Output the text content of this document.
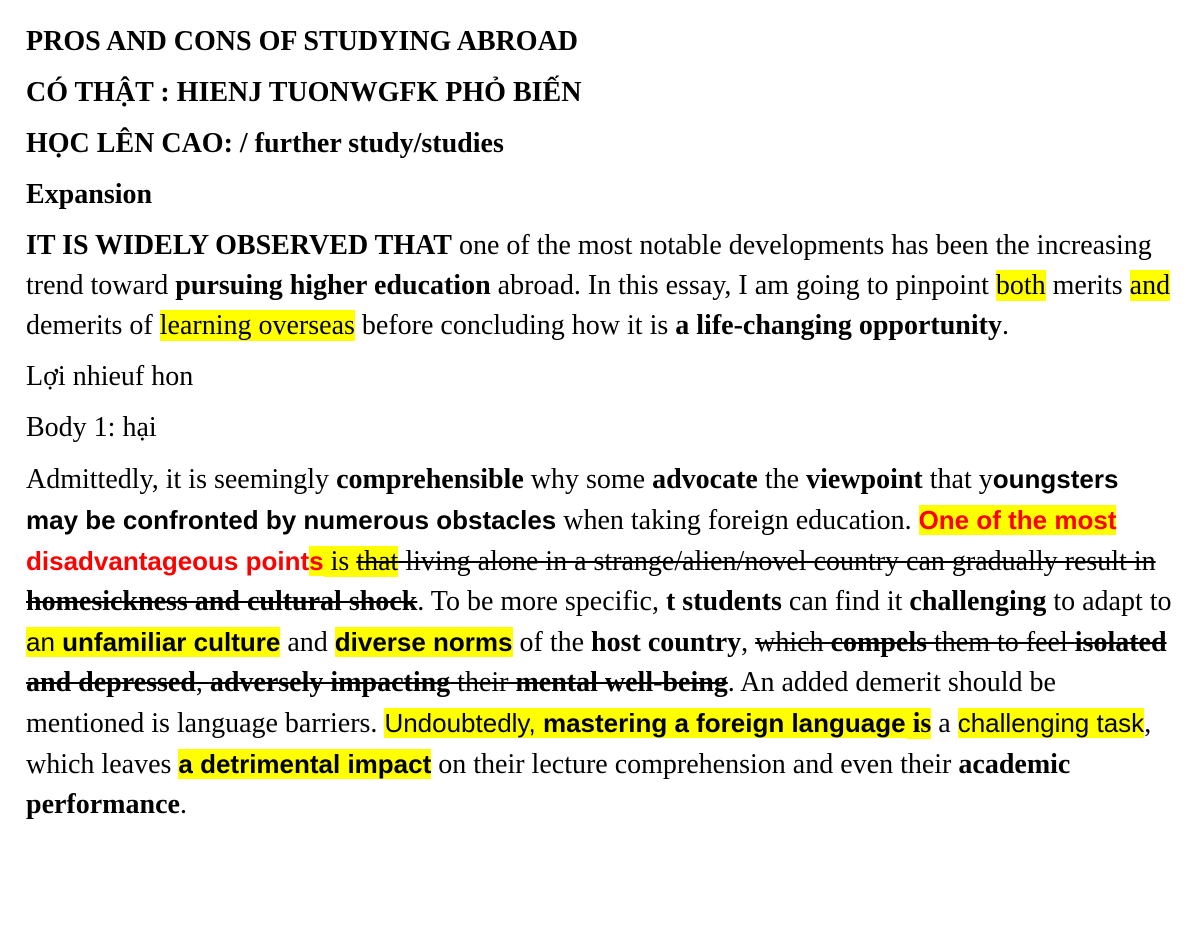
PROS AND CONS OF STUDYING ABROAD

CÓ THẬT : HIENJ TUONWGFK PHỎ BIẾN

HỌC LÊN CAO: / further study/studies

Expansion

IT IS WIDELY OBSERVED THAT one of the most notable developments has been the increasing trend toward pursuing higher education abroad. In this essay, I am going to pinpoint both merits and demerits of learning overseas before concluding how it is a life-changing opportunity.

Lợi nhieuf hon

Body 1: hại

Admittedly, it is seemingly comprehensible why some advocate the viewpoint that youngsters may be confronted by numerous obstacles when taking foreign education. One of the most disadvantageous points is that living alone in a strange/alien/novel country can gradually result in homesickness and cultural shock. To be more specific, t students can find it challenging to adapt to an unfamiliar culture and diverse norms of the host country, which compels them to feel isolated and depressed, adversely impacting their mental well-being. An added demerit should be mentioned is language barriers. Undoubtedly, mastering a foreign language is a challenging task, which leaves a detrimental impact on their lecture comprehension and even their academic performance.
